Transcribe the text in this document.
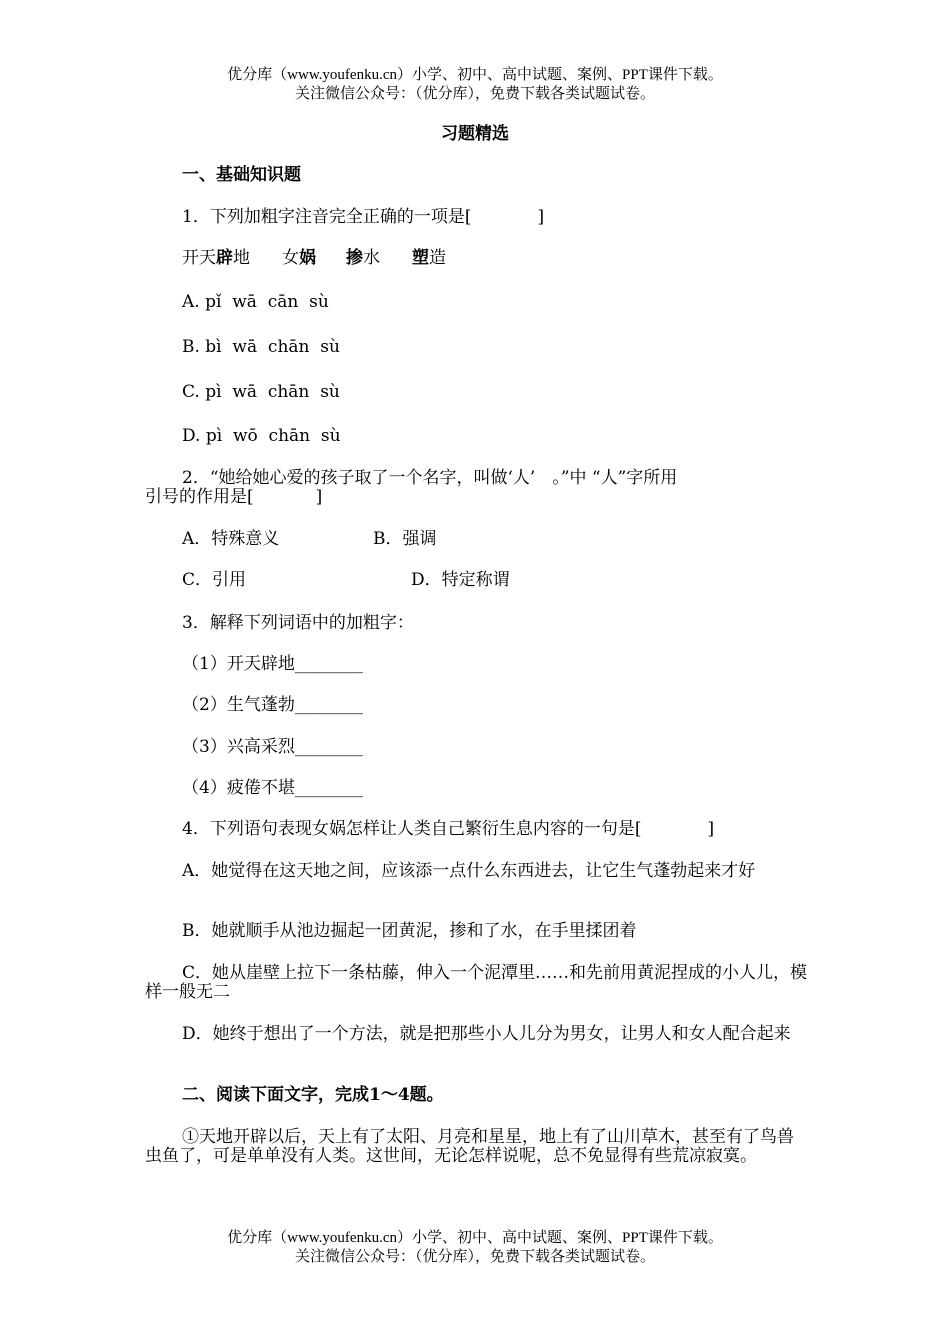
优分库（www.youfenku.cn）小学、初中、高中试题、案例、PPT课件下载。
关注微信公众号：（优分库），免费下载各类试题试卷。
习题精选
一、基础知识题
1．下列加粗字注音完全正确的一项是[	]
开天辟地 女娲 掺水 塑造
A. pǐ  wā  cān  sù
B. bì  wā  chān  sù
C. pì  wā  chān  sù
D. pì  wō  chān  sù
2．“她给她心爱的孩子取了一个名字，叫做‘人’　。”中 “人”字所用
引号的作用是[	]
A．特殊意义	B．强调
C．引用	D．特定称谓
3．解释下列词语中的加粗字：
（1）开天辟地________
（2）生气蓬勃________
（3）兴高采烈________
（4）疲倦不堪________
4．下列语句表现女娲怎样让人类自己繁衍生息内容的一句是[	]
A．她觉得在这天地之间，应该添一点什么东西进去，让它生气蓬勃起来才好
B．她就顺手从池边掘起一团黄泥，掺和了水，在手里揉团着
C．她从崖壁上拉下一条枯藤，伸入一个泥潭里……和先前用黄泥捏成的小人儿，模样一般无二
D．她终于想出了一个方法，就是把那些小人儿分为男女，让男人和女人配合起来
二、阅读下面文字，完成1～4题。
①天地开辟以后，天上有了太阳、月亮和星星，地上有了山川草木，甚至有了鸟兽虫鱼了，可是单单没有人类。这世间，无论怎样说呢，总不免显得有些荒凉寂寞。
优分库（www.youfenku.cn）小学、初中、高中试题、案例、PPT课件下载。
关注微信公众号：（优分库），免费下载各类试题试卷。
